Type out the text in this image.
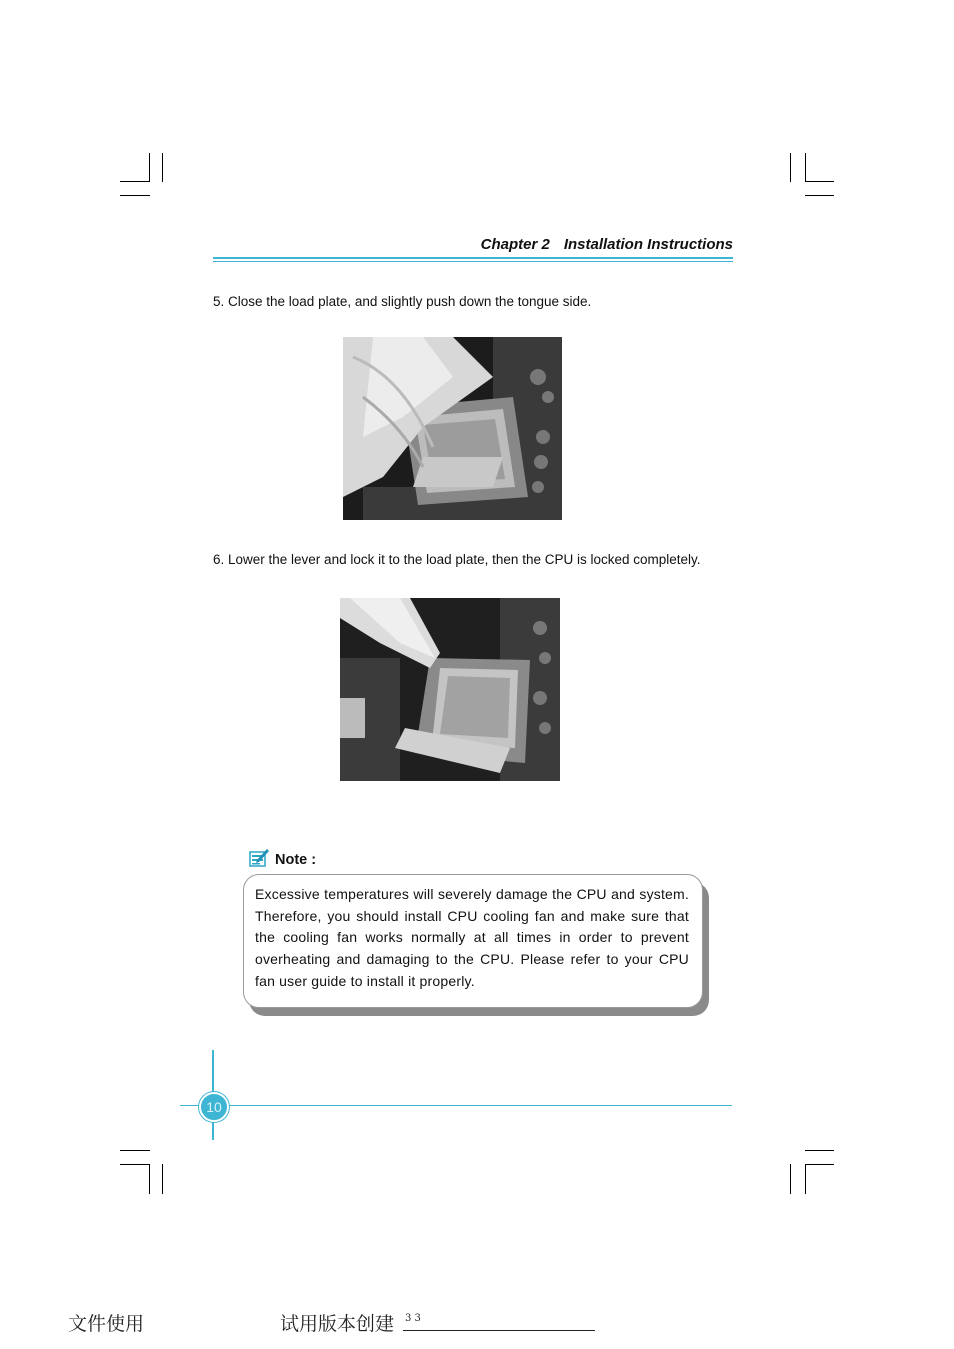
Chapter 2 Installation Instructions
5. Close the load plate, and slightly push down the tongue side.
6. Lower the lever and lock it to the load plate, then the CPU is locked completely.
Note :
Excessive temperatures will severely damage the CPU and system. Therefore, you should install CPU cooling fan and make sure that the cooling fan works normally at all times in order to prevent overheating and damaging to the CPU. Please refer to your CPU fan user guide to install it properly.
10
文件使用	试用版本创建 3 3
